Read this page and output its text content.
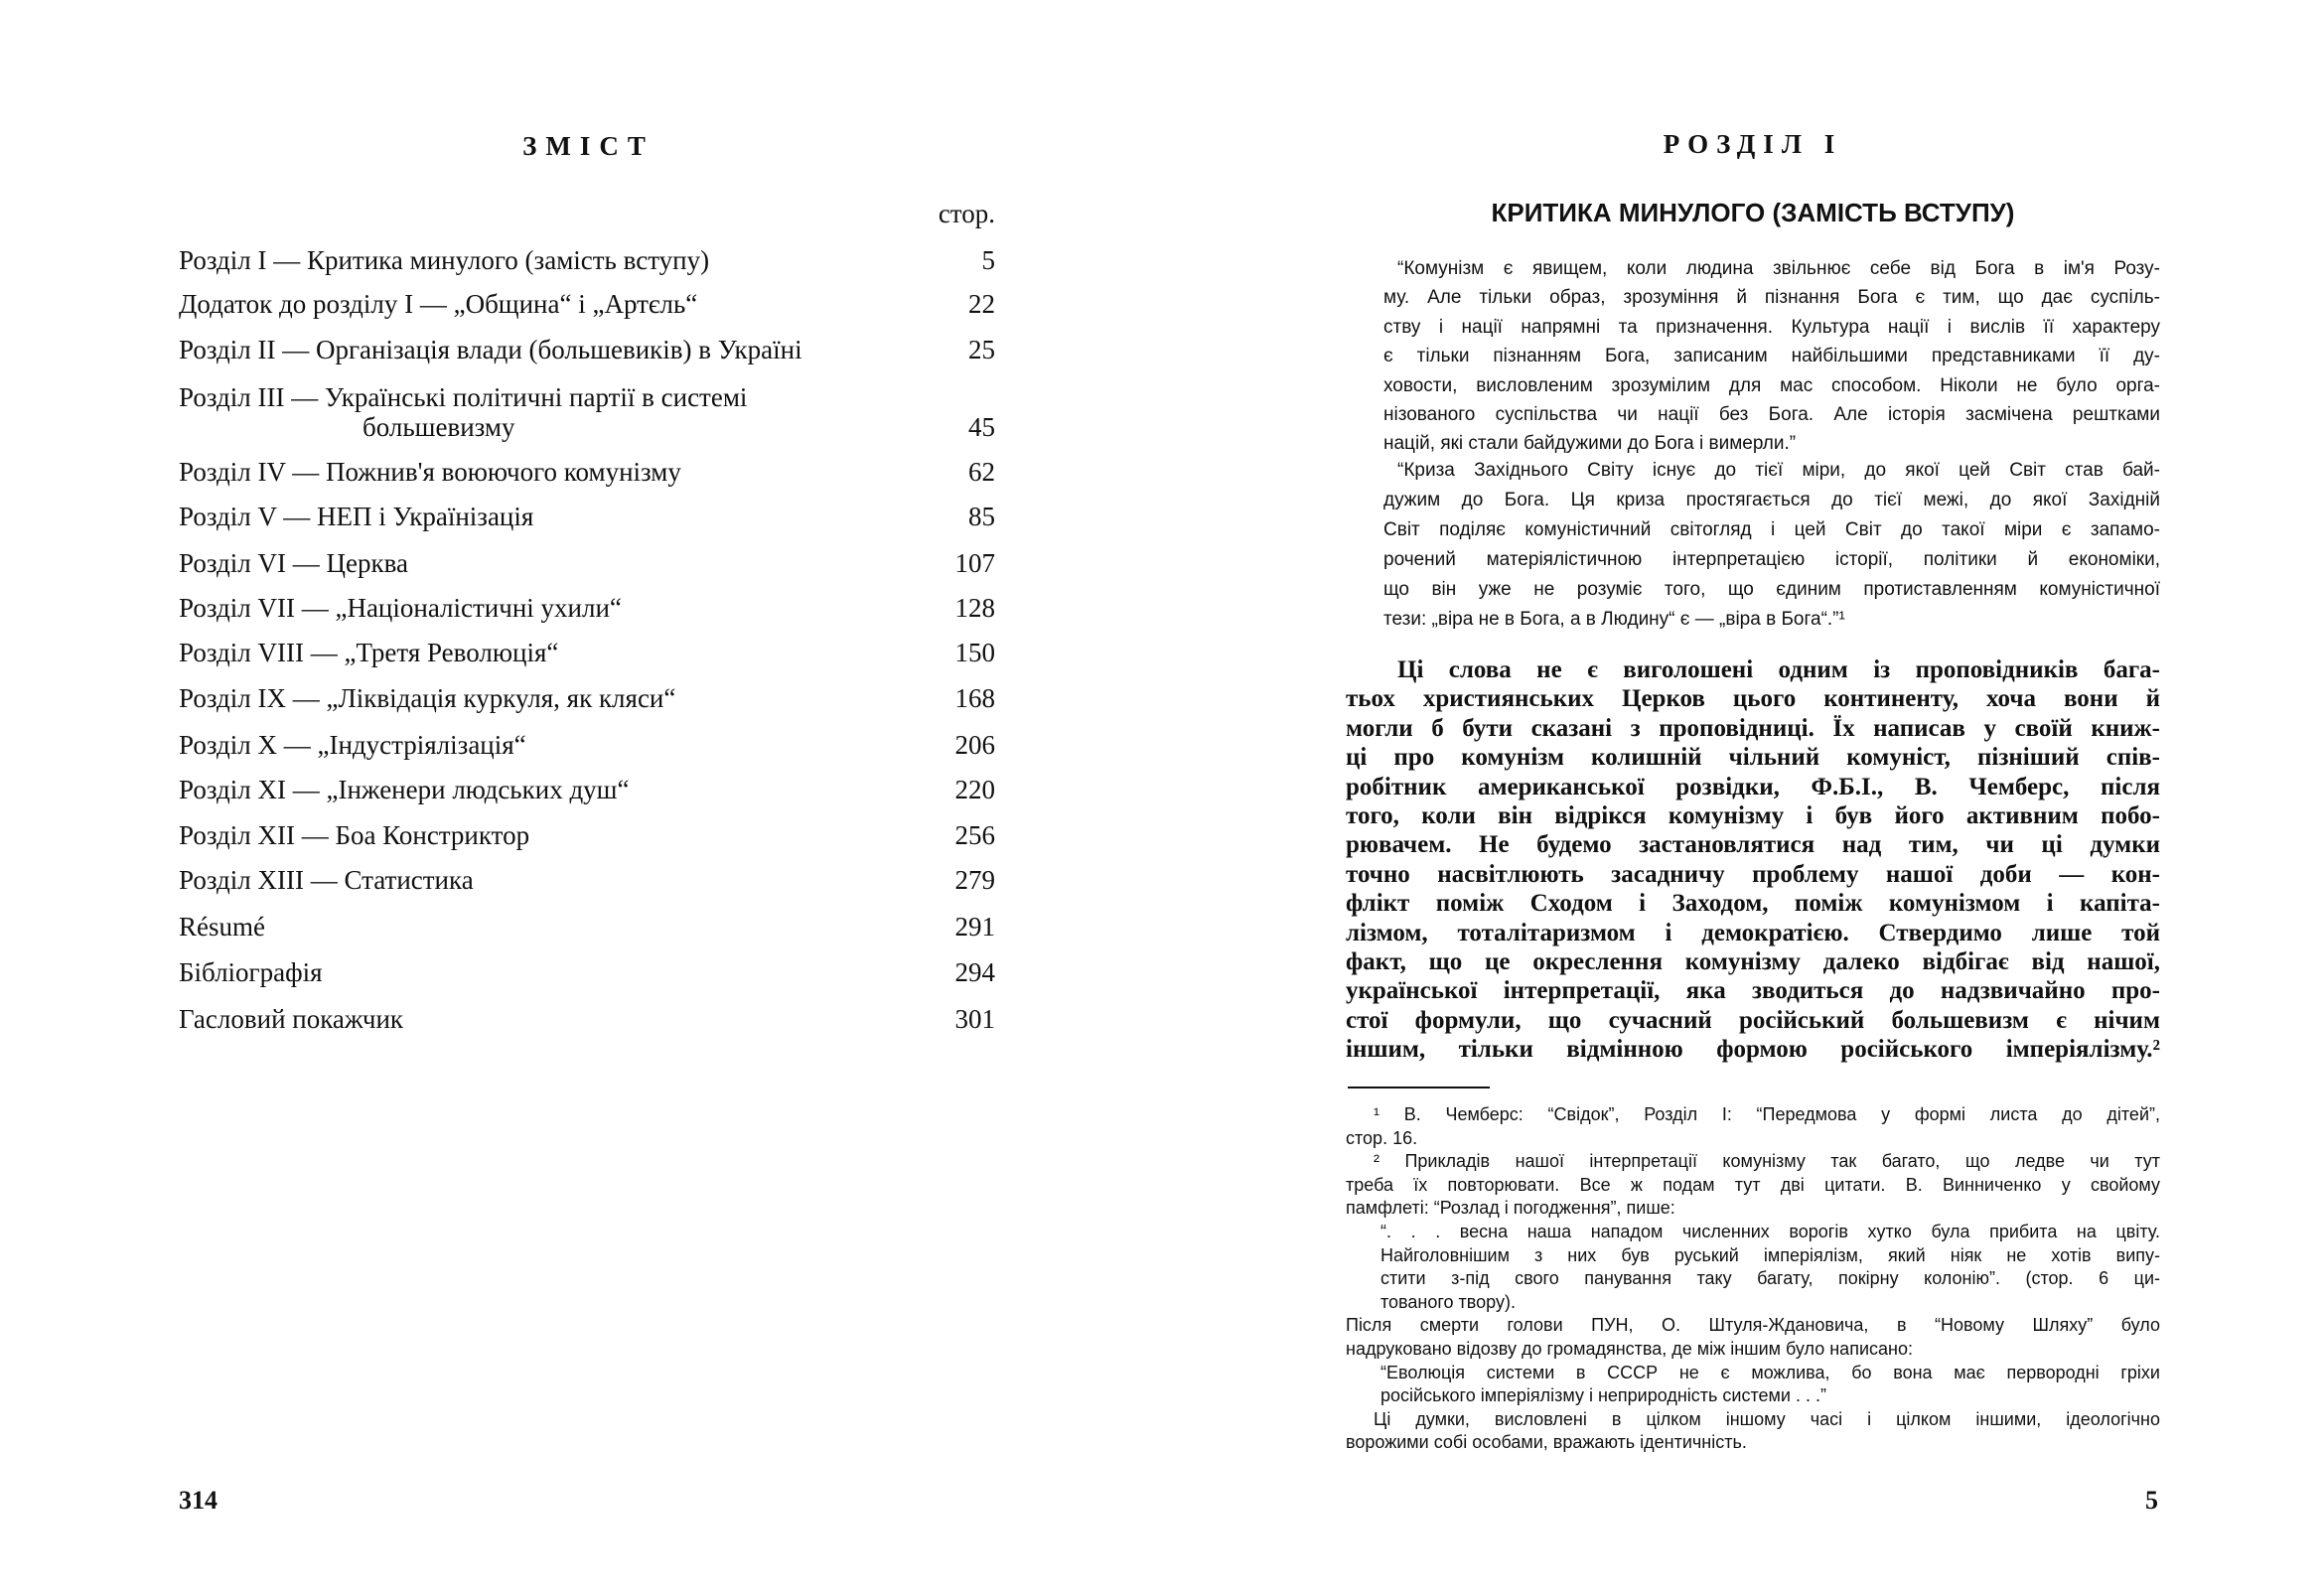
ЗМІСТ
стор.
Розділ I — Критика минулого (замість вступу)	5
Додаток до розділу I — „Община“ і „Артєль“	22
Розділ II — Організація влади (большевиків) в Україні	25
Розділ III — Українські політичні партії в системі
большевизму	45
Розділ IV — Пожнив'я воюючого комунізму	62
Розділ V — НЕП і Українізація	85
Розділ VI — Церква	107
Розділ VII — „Націоналістичні ухили“	128
Розділ VIII — „Третя Революція“	150
Розділ IX — „Ліквідація куркуля, як кляси“	168
Розділ X — „Індустріялізація“	206
Розділ XI — „Інженери людських душ“	220
Розділ XII — Боа Констриктор	256
Розділ XIII — Статистика	279
Résumé	291
Бібліографія	294
Гасловий покажчик	301
314
РОЗДІЛ I
КРИТИКА МИНУЛОГО (ЗАМІСТЬ ВСТУПУ)
“Комунізм є явищем, коли людина звільнює себе від Бога в ім'я Розу-
му. Але тільки образ, зрозуміння й пізнання Бога є тим, що дає суспіль-
ству і нації напрямні та призначення. Культура нації і вислів її характеру
є тільки пізнанням Бога, записаним найбільшими представниками її ду-
ховости, висловленим зрозумілим для мас способом. Ніколи не було орга-
нізованого суспільства чи нації без Бога. Але історія засмічена рештками
націй, які стали байдужими до Бога і вимерли.”
“Криза Західнього Світу існує до тієї міри, до якої цей Світ став бай-
дужим до Бога. Ця криза простягається до тієї межі, до якої Західній
Світ поділяє комуністичний світогляд і цей Світ до такої міри є запамо-
рочений матеріялістичною інтерпретацією історії, політики й економіки,
що він уже не розуміє того, що єдиним протиставленням комуністичної
тези: „віра не в Бога, а в Людину“ є — „віра в Бога“.”¹
Ці слова не є виголошені одним із проповідників бага-
тьох християнських Церков цього континенту, хоча вони й
могли б бути сказані з проповідниці. Їх написав у своїй книж-
ці про комунізм колишній чільний комуніст, пізніший спів-
робітник американської розвідки, Ф.Б.І., В. Чемберс, після
того, коли він відрікся комунізму і був його активним побо-
рювачем. Не будемо застановлятися над тим, чи ці думки
точно насвітлюють засадничу проблему нашої доби — кон-
флікт поміж Сходом і Заходом, поміж комунізмом і капіта-
лізмом, тоталітаризмом і демократією. Ствердимо лише той
факт, що це окреслення комунізму далеко відбігає від нашої,
української інтерпретації, яка зводиться до надзвичайно про-
стої формули, що сучасний російський большевизм є нічим
іншим, тільки відмінною формою російського імперіялізму.²
¹ В. Чемберс: “Свідок”, Розділ I: “Передмова у формі листа до дітей”,
стор. 16.
² Прикладів нашої інтерпретації комунізму так багато, що ледве чи тут
треба їх повторювати. Все ж подам тут дві цитати. В. Винниченко у свойому
памфлеті: “Розлад і погодження”, пише:
“. . . весна наша нападом численних ворогів хутко була прибита на цвіту.
Найголовнішим з них був руський імперіялізм, який ніяк не хотів випу-
стити з-під свого панування таку багату, покірну колонію”. (стор. 6 ци-
тованого твору).
Після смерти голови ПУН, О. Штуля-Ждановича, в “Новому Шляху” було
надруковано відозву до громадянства, де між іншим було написано:
“Еволюція системи в СССР не є можлива, бо вона має первородні гріхи
російського імперіялізму і неприродність системи . . .”
Ці думки, висловлені в цілком іншому часі і цілком іншими, ідеологічно
ворожими собі особами, вражають ідентичність.
5
